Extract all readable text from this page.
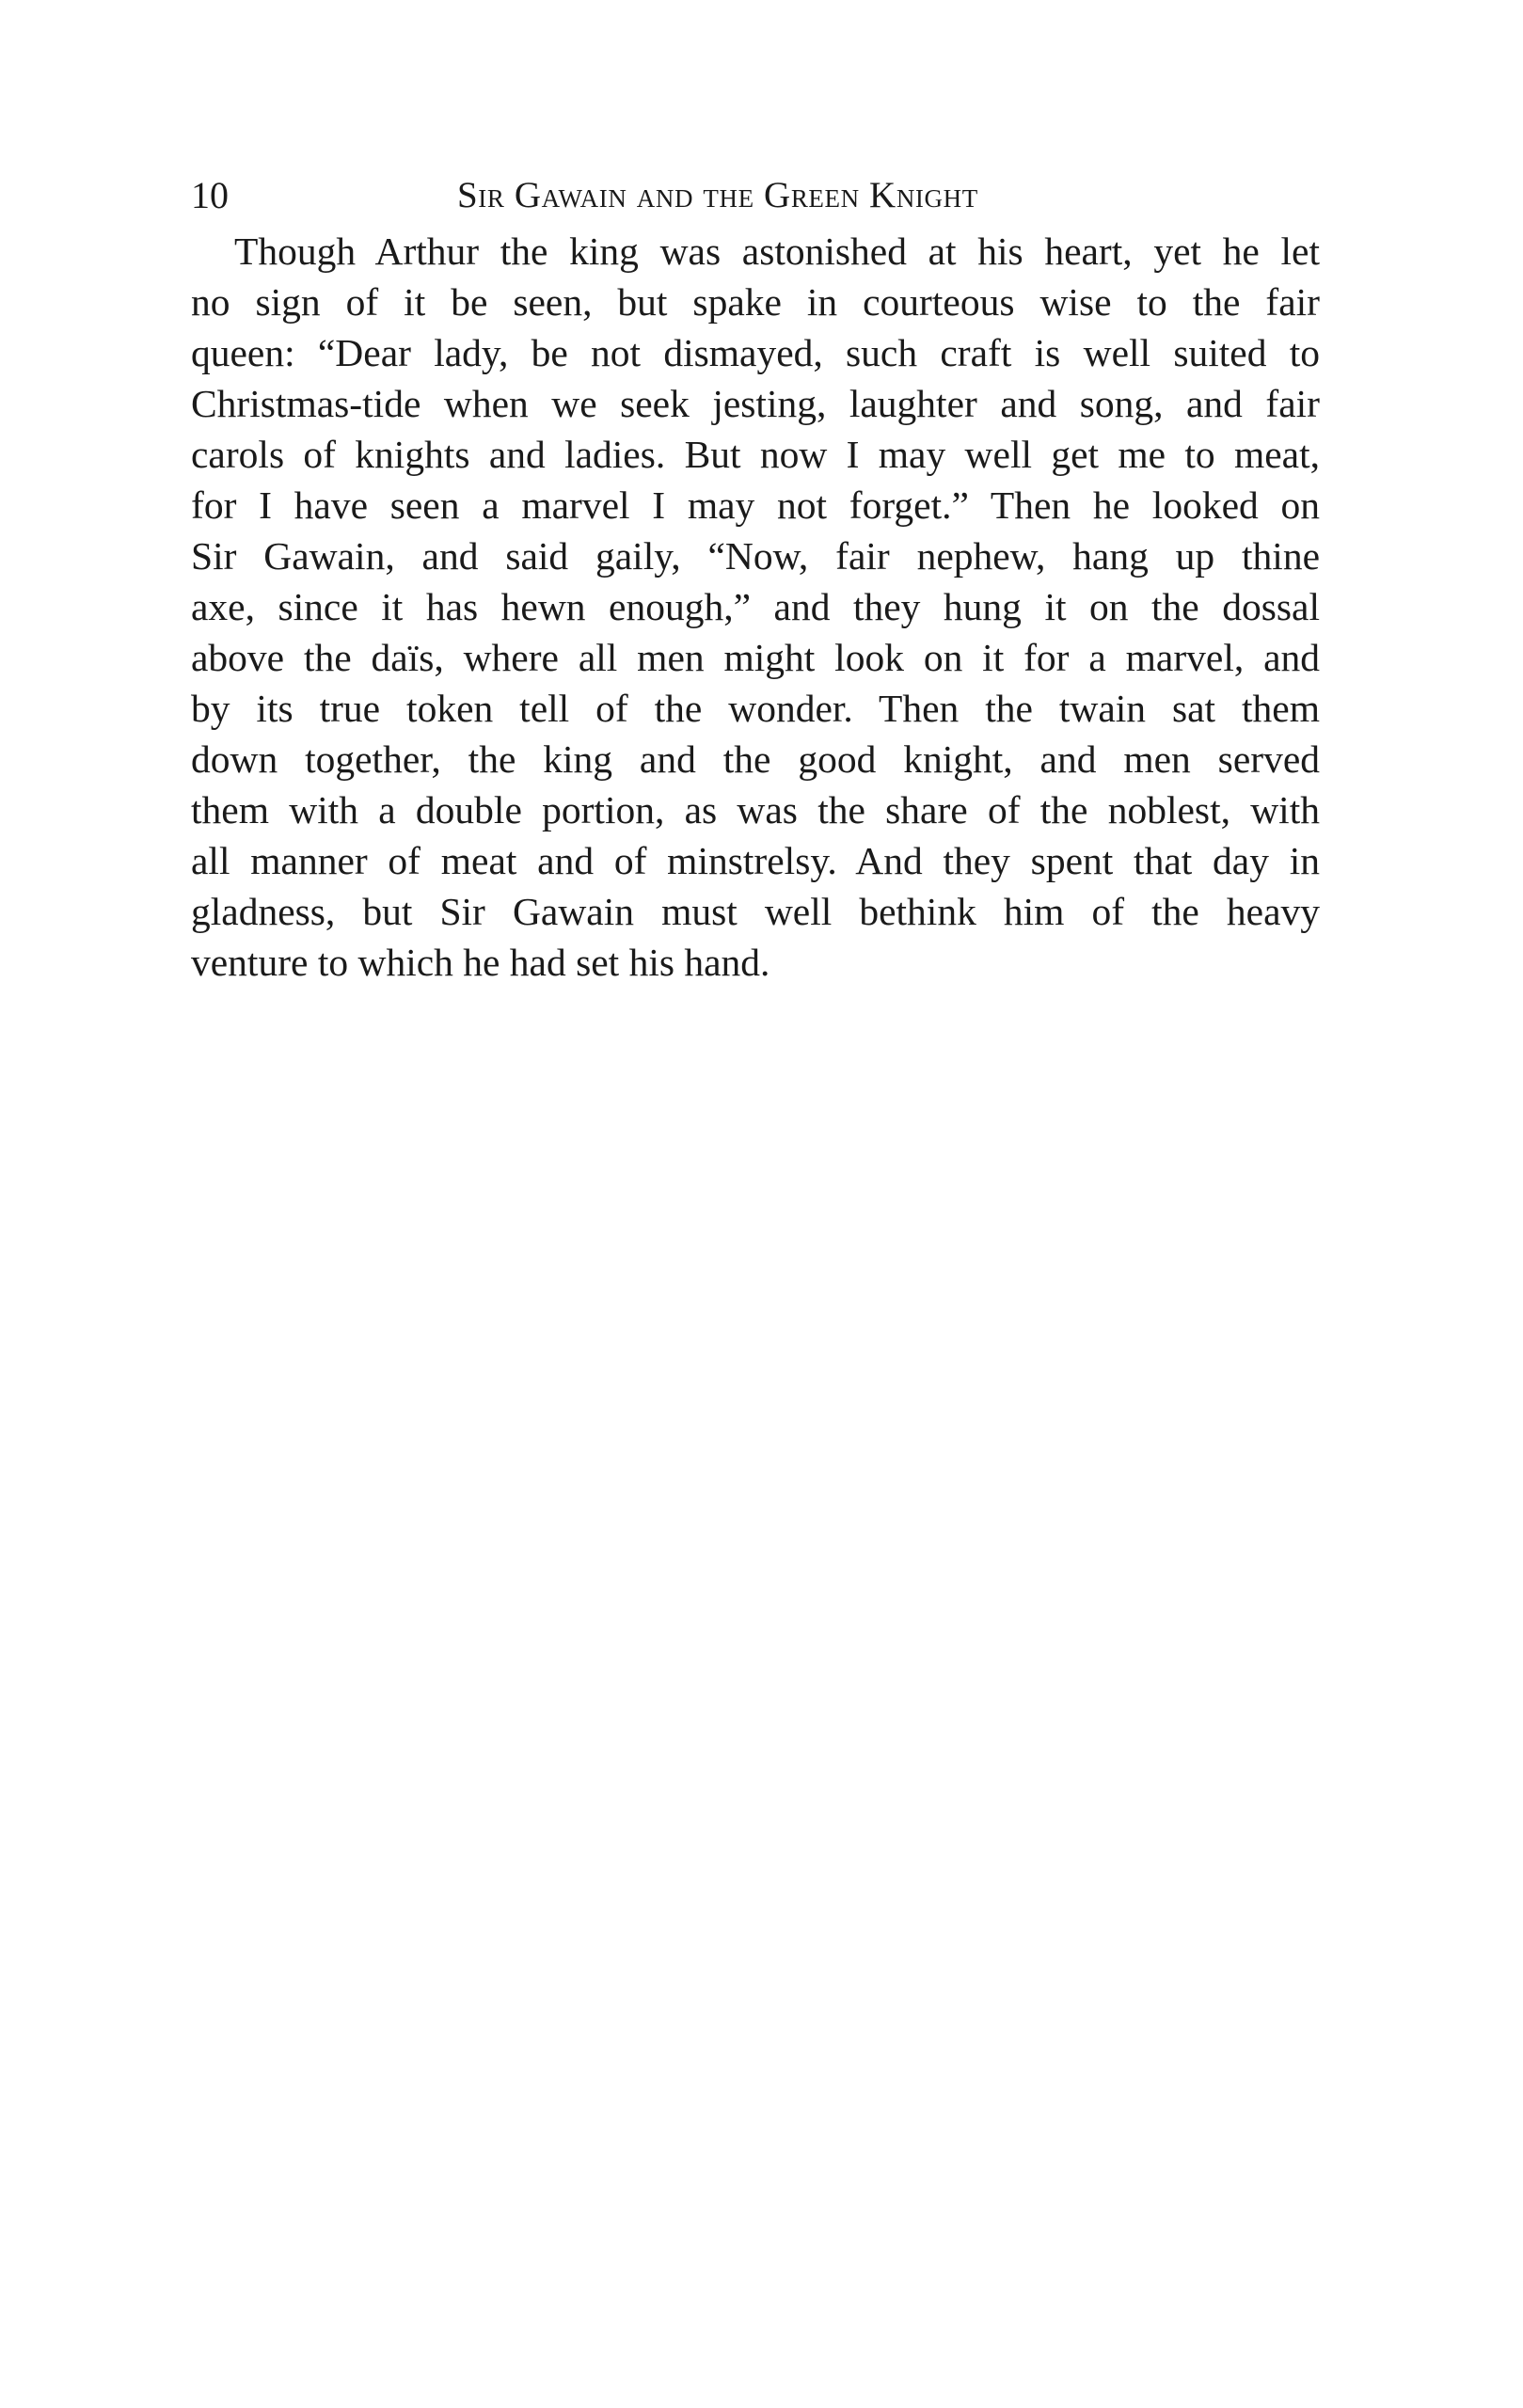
10	Sir Gawain and the Green Knight
Though Arthur the king was astonished at his heart, yet he let
no sign of it be seen, but spake in courteous wise to the fair
queen: “Dear lady, be not dismayed, such craft is well suited to
Christmas-tide when we seek jesting, laughter and song, and fair
carols of knights and ladies. But now I may well get me to meat,
for I have seen a marvel I may not forget.” Then he looked on
Sir Gawain, and said gaily, “Now, fair nephew, hang up thine
axe, since it has hewn enough,” and they hung it on the dossal
above the daïs, where all men might look on it for a marvel, and
by its true token tell of the wonder. Then the twain sat them
down together, the king and the good knight, and men served
them with a double portion, as was the share of the noblest, with
all manner of meat and of minstrelsy. And they spent that day in
gladness, but Sir Gawain must well bethink him of the heavy
venture to which he had set his hand.
